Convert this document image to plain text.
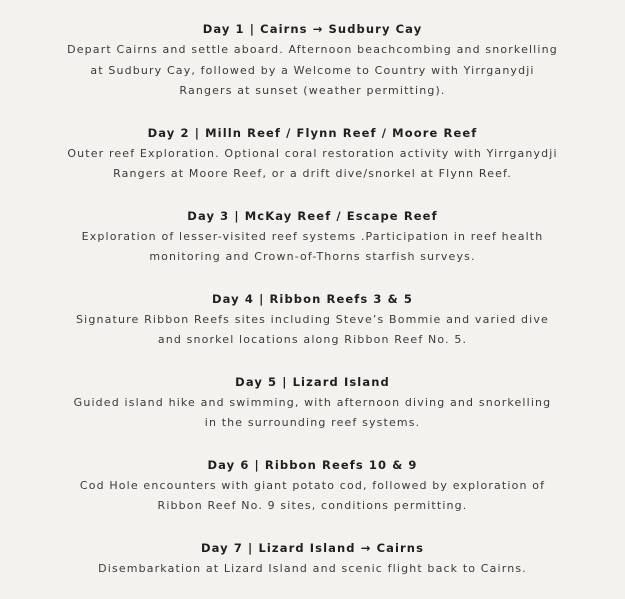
Day 1 | Cairns → Sudbury Cay
Depart Cairns and settle aboard. Afternoon beachcombing and snorkelling
at Sudbury Cay, followed by a Welcome to Country with Yirrganydji
Rangers at sunset (weather permitting).
Day 2 | Milln Reef / Flynn Reef / Moore Reef
Outer reef Exploration. Optional coral restoration activity with Yirrganydji
Rangers at Moore Reef, or a drift dive/snorkel at Flynn Reef.
Day 3 | McKay Reef / Escape Reef
Exploration of lesser-visited reef systems .Participation in reef health
monitoring and Crown-of-Thorns starfish surveys.
Day 4 | Ribbon Reefs 3 & 5
Signature Ribbon Reefs sites including Steve’s Bommie and varied dive
and snorkel locations along Ribbon Reef No. 5.
Day 5 | Lizard Island
Guided island hike and swimming, with afternoon diving and snorkelling
in the surrounding reef systems.
Day 6 | Ribbon Reefs 10 & 9
Cod Hole encounters with giant potato cod, followed by exploration of
Ribbon Reef No. 9 sites, conditions permitting.
Day 7 | Lizard Island → Cairns
Disembarkation at Lizard Island and scenic flight back to Cairns.
